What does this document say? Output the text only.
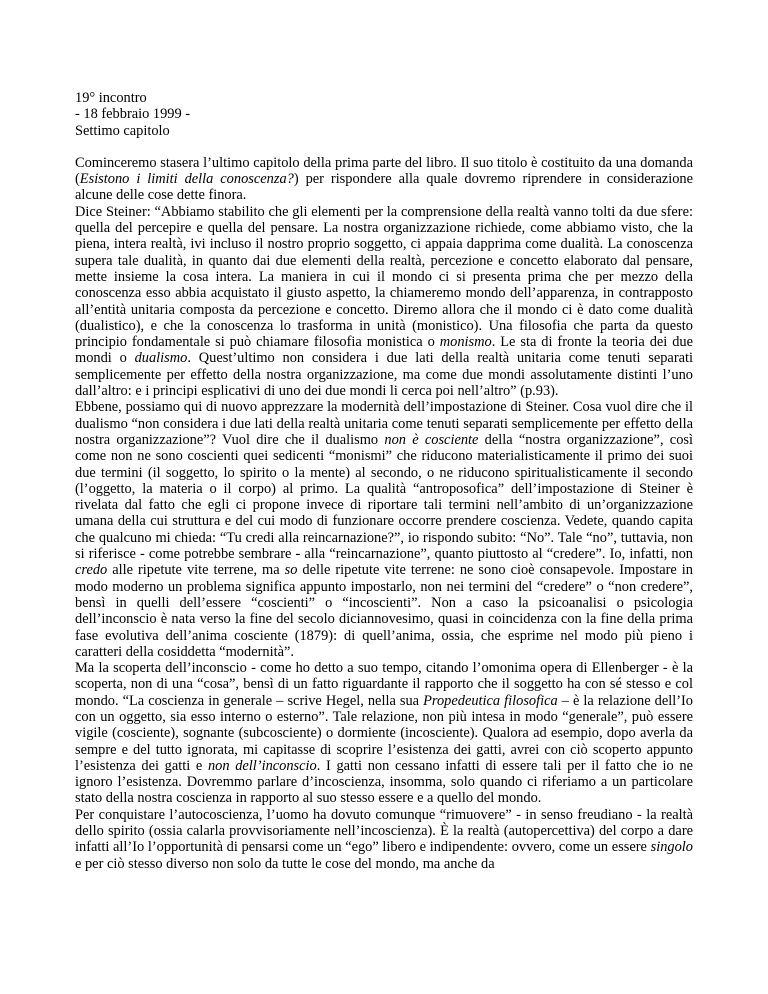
19° incontro

- 18 febbraio 1999 -

Settimo capitolo

Cominceremo stasera l’ultimo capitolo della prima parte del libro. Il suo titolo è costituito da una domanda (Esistono i limiti della conoscenza?) per rispondere alla quale dovremo riprendere in considerazione alcune delle cose dette finora.

Dice Steiner: “Abbiamo stabilito che gli elementi per la comprensione della realtà vanno tolti da due sfere: quella del percepire e quella del pensare. La nostra organizzazione richiede, come abbiamo visto, che la piena, intera realtà, ivi incluso il nostro proprio soggetto, ci appaia dapprima come dualità. La conoscenza supera tale dualità, in quanto dai due elementi della realtà, percezione e concetto elaborato dal pensare, mette insieme la cosa intera. La maniera in cui il mondo ci si presenta prima che per mezzo della conoscenza esso abbia acquistato il giusto aspetto, la chiameremo mondo dell’apparenza, in contrapposto all’entità unitaria composta da percezione e concetto. Diremo allora che il mondo ci è dato come dualità (dualistico), e che la conoscenza lo trasforma in unità (monistico). Una filosofia che parta da questo principio fondamentale si può chiamare filosofia monistica o monismo. Le sta di fronte la teoria dei due mondi o dualismo. Quest’ultimo non considera i due lati della realtà unitaria come tenuti separati semplicemente per effetto della nostra organizzazione, ma come due mondi assolutamente distinti l’uno dall’altro: e i principi esplicativi di uno dei due mondi li cerca poi nell’altro” (p.93).

Ebbene, possiamo qui di nuovo apprezzare la modernità dell’impostazione di Steiner. Cosa vuol dire che il dualismo “non considera i due lati della realtà unitaria come tenuti separati semplicemente per effetto della nostra organizzazione”? Vuol dire che il dualismo non è cosciente della “nostra organizzazione”, così come non ne sono coscienti quei sedicenti “monismi” che riducono materialisticamente il primo dei suoi due termini (il soggetto, lo spirito o la mente) al secondo, o ne riducono spiritualisticamente il secondo (l’oggetto, la materia o il corpo) al primo. La qualità “antroposofica” dell’impostazione di Steiner è rivelata dal fatto che egli ci propone invece di riportare tali termini nell’ambito di un’organizzazione umana della cui struttura e del cui modo di funzionare occorre prendere coscienza. Vedete, quando capita che qualcuno mi chieda: “Tu credi alla reincarnazione?”, io rispondo subito: “No”. Tale “no”, tuttavia, non si riferisce - come potrebbe sembrare - alla “reincarnazione”, quanto piuttosto al “credere”. Io, infatti, non credo alle ripetute vite terrene, ma so delle ripetute vite terrene: ne sono cioè consapevole. Impostare in modo moderno un problema significa appunto impostarlo, non nei termini del “credere” o “non credere”, bensì in quelli dell’essere “coscienti” o “incoscienti”. Non a caso la psicoanalisi o psicologia dell’inconscio è nata verso la fine del secolo diciannovesimo, quasi in coincidenza con la fine della prima fase evolutiva dell’anima cosciente (1879): di quell’anima, ossia, che esprime nel modo più pieno i caratteri della cosiddetta “modernità”.

Ma la scoperta dell’inconscio - come ho detto a suo tempo, citando l’omonima opera di Ellenberger - è la scoperta, non di una “cosa”, bensì di un fatto riguardante il rapporto che il soggetto ha con sé stesso e col mondo. “La coscienza in generale – scrive Hegel, nella sua Propedeutica filosofica – è la relazione dell’Io con un oggetto, sia esso interno o esterno”. Tale relazione, non più intesa in modo “generale”, può essere vigile (cosciente), sognante (subcosciente) o dormiente (incosciente). Qualora ad esempio, dopo averla da sempre e del tutto ignorata, mi capitasse di scoprire l’esistenza dei gatti, avrei con ciò scoperto appunto l’esistenza dei gatti e non dell’inconscio. I gatti non cessano infatti di essere tali per il fatto che io ne ignoro l’esistenza. Dovremmo parlare d’incoscienza, insomma, solo quando ci riferiamo a un particolare stato della nostra coscienza in rapporto al suo stesso essere e a quello del mondo.

Per conquistare l’autocoscienza, l’uomo ha dovuto comunque “rimuovere” - in senso freudiano - la realtà dello spirito (ossia calarla provvisoriamente nell’incoscienza). È la realtà (autopercettiva) del corpo a dare infatti all’Io l’opportunità di pensarsi come un “ego” libero e indipendente: ovvero, come un essere singolo e per ciò stesso diverso non solo da tutte le cose del mondo, ma anche da
